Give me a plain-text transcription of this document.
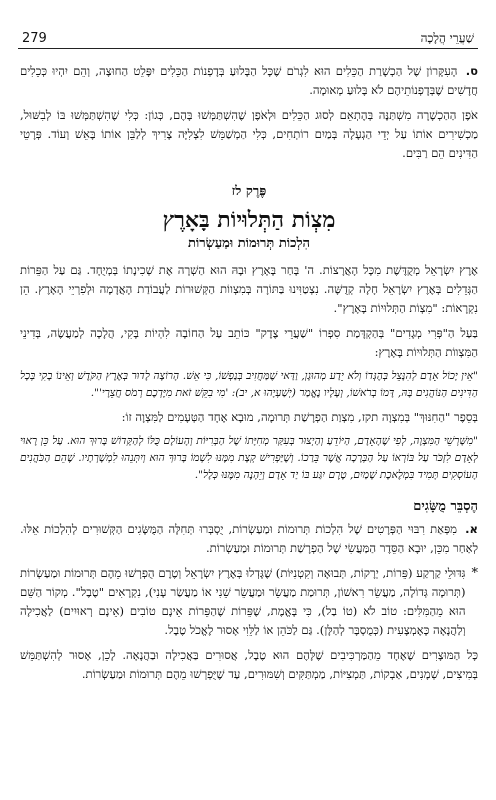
שַׁעֲרֵי הֲלָכָה
279

ס. הָעִקָּרוֹן שֶׁל הַכְשָׁרַת הַכֵּלִים הוּא לִגְרֹם שֶׁכָּל הַבָּלוּעַ בְּדָפְנוֹת הַכֵּלִים יִפָּלֵט הַחוּצָה, וְהֵם יִהְיוּ כְּכֵלִים חֲדָשִׁים שֶׁבְּדָפְנוֹתֵיהֶם לֹא בָּלוּעַ מְאוּמָה.

אֹפֶן הַהַכְשָׁרָה מִשְׁתַּנֶּה בְּהֶתְאֵם לְסוּג הַכֵּלִים וּלְאֹפֶן שֶׁהִשְׁתַּמְּשׁוּ בָּהֶם, כְּגוֹן: כְּלִי שֶׁהִשְׁתַּמְּשׁוּ בּוֹ לְבִשּׁוּל, מַכְשִׁירִים אוֹתוֹ עַל יְדֵי הַגְעָלָה בְּמַיִם רוֹתְחִים, כְּלִי הַמְשַׁמֵּשׁ לִצְלִיָּה צָרִיךְ לְלַבֵּן אוֹתוֹ בָּאֵשׁ וְעוֹד. פְּרָטֵי הַדִּינִים הֵם רַבִּים.

פֶּרֶק לז
מִצְוֹת הַתְּלוּיוֹת בָּאָרֶץ
הִלְכוֹת תְּרוּמוֹת וּמַעַשְׂרוֹת

אֶרֶץ יִשְׂרָאֵל מְקֻדֶּשֶׁת מִכָּל הָאֲרָצוֹת. ה' בָּחַר בָּאָרֶץ וּבָהּ הוּא הַשְׁרָה אֶת שְׁכִינָתוֹ בְּמְיֻחָד. גַּם עַל הַפֵּרוֹת הַגְּדֵלִים בְּאֶרֶץ יִשְׂרָאֵל חָלָה קְדֻשָּׁה. נִצְטַוִּינוּ בַּתּוֹרָה בְּמִצְווֹת הַקְּשׁוּרוֹת לַעֲבוֹדַת הָאֲדָמָה וּלְפִרְיֵי הָאָרֶץ. הֵן נִקְרָאוֹת: "מִצְוֹת הַתְּלוּיוֹת בָּאָרֶץ".

בַּעַל הַ"פְּרִי מְגָדִים" בְּהַקְדָּמַת סִפְרוֹ "שַׁעֲרֵי צֶדֶק" כּוֹתֵב עַל הַחוֹבָה לִהְיוֹת בָּקִי, הֲלָכָה לְמַעֲשֶׂה, בְּדִינֵי הַמִּצְווֹת הַתְּלוּיוֹת בָּאָרֶץ:

"אֵין יָכוֹל אָדָם לְהִנָּצֵל בְּהֶגְּדוֹ וְלֹא יֵדַע מְהוּגָן, וַדַּאי שֶׁמַּחֲזִיב בְּנַפְשׁוֹ, כִּי אֵשׁ. הָרוֹצָה לָדוּר בְּאֶרֶץ הַקֹּדֶשׁ וְאֵינוֹ בָקִי בְּכָל הַדִּינִים הַנּוֹהֲגִים בָּהּ, דָּמוֹ בְרֹאשׁוֹ, וְעָלָיו נֶאֱמַר (יְשַׁעְיָהוּ א, יב): 'מִי בִקֵּשׁ זֹאת מִיֶּדְכֶם רְמֹס חֲצֵרָי'".

בְּסֵפֶר "הַחִנּוּךְ" בְּמִצְוָה תקז, מִצְוַת הַפְרָשַׁת תְּרוּמָה, מוּבָא אֶחָד הַטְּעָמִים לַמִּצְוָה זוֹ:

"מִשָּׁרְשֵׁי הַמִּצְוָה, לְפִי שֶׁהָאָדָם, הַיּוֹדֵעַ וְהַיְצוּר בְּעִקַּר מְחִיָּתוֹ שֶׁל הַבְּרִיּוֹת וְהָעוֹלָם כֻּלּוֹ לְהַקָּדוֹשׁ בָּרוּךְ הוּא. עַל כֵּן רָאוּי לְאָדָם לִזְכֹּר עַל בּוֹרְאוֹ עַל הַבְּרָכָה אֲשֶׁר בֵּרַכוֹ. וְשֶׁיַּפְרִישׁ קְצָת מִמֶּנּוּ לִשְׁמוֹ בָּרוּךְ הוּא וְיִתְּנֵהוּ לִמְשָׁרְתָיו. שֶׁהֵם הַכֹּהֲנִים הָעוֹסְקִים תָּמִיד בִּמְלֶאכֶת שָׁמַיִם, טֶרֶם יִגַּע בּוֹ יַד אָדָם וְיֵהָנֶה מִמֶּנּוּ כְּלָל".

הֶסְבֵּר מֻשָּׂגִים

א. מִפְּאַת רִבּוּי הַפְּרָטִים שֶׁל הִלְכוֹת תְּרוּמוֹת וּמַעַשְׂרוֹת, יֻסְבְּרוּ תְּחִלָּה הַמֻּשָּׂגִים הַקְּשׁוּרִים לְהִלְכוֹת אֵלּוּ. לְאַחַר מִכֵּן, יוּבָא הַסֵּדֶר הַמַּעֲשִׂי שֶׁל הַפְרָשַׁת תְּרוּמוֹת וּמַעַשְׂרוֹת.

*

גִּדּוּלֵי קַרְקַע (פֵּרוֹת, יְרָקוֹת, תְּבוּאָה וְקִטְנִיּוֹת) שֶׁגָּדְלוּ בְּאֶרֶץ יִשְׂרָאֵל וְטֶרֶם הֻפְרְשׁוּ מֵהֶם תְּרוּמוֹת וּמַעַשְׂרוֹת (תְּרוּמָה גְּדוֹלָה, מַעֲשֵׂר רִאשׁוֹן, תְּרוּמַת מַעֲשֵׂר וּמַעֲשֵׂר שֵׁנִי אוֹ מַעֲשַׂר עָנִי), נִקְרָאִים "טֶבֶל". מְקוֹר הַשֵּׁם הוּא מֵהַמִּלִּים: טוֹב לֹא (טוֹ בַל), כִּי בָּאֱמֶת, שֶׁפֵּרוֹת שֶׁהַפֵּרוֹת אֵינָם טוֹבִים (אֵינָם רְאוּיִים) לַאֲכִילָה וְלַהֲנָאָה כָּאֶמְצָעִית (כְּמֻסְבָּר לְהַלָּן). גַּם לַכֹּהֵן אוֹ לַלֵּוִי אָסוּר לֶאֱכֹל טֶבֶל.

כָּל הַמּוּצָרִים שֶׁאֶחָד מֵהַמַּרְכִּיבִים שֶׁלָּהֶם הוּא טֶבֶל, אֲסוּרִים בַּאֲכִילָה וּבַהֲנָאָה. לָכֵן, אָסוּר לְהִשְׁתַּמֵּשׁ בְּמִיצִים, שְׁמָנִים, אַבְקוֹת, תַּמְצִיּוֹת, מַמְתַּקִּים וְשִׁמּוּרִים, עַד שֶׁיֻּפְרְשׁוּ מֵהֶם תְּרוּמוֹת וּמַעַשְׂרוֹת.
